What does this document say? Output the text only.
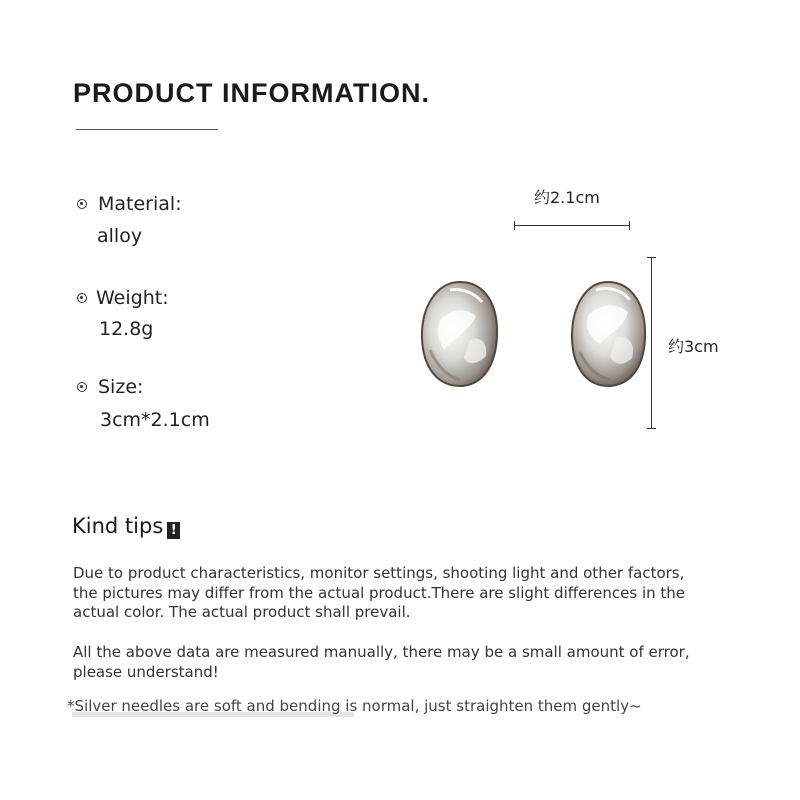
PRODUCT INFORMATION.
Material:
alloy
Weight:
12.8g
Size:
3cm*2.1cm
约2.1cm
约3cm
Kind tips !
Due to product characteristics, monitor settings, shooting light and other factors, the pictures may differ from the actual product.There are slight differences in the actual color. The actual product shall prevail.
All the above data are measured manually, there may be a small amount of error, please understand!
*Silver needles are soft and bending is normal, just straighten them gently~
